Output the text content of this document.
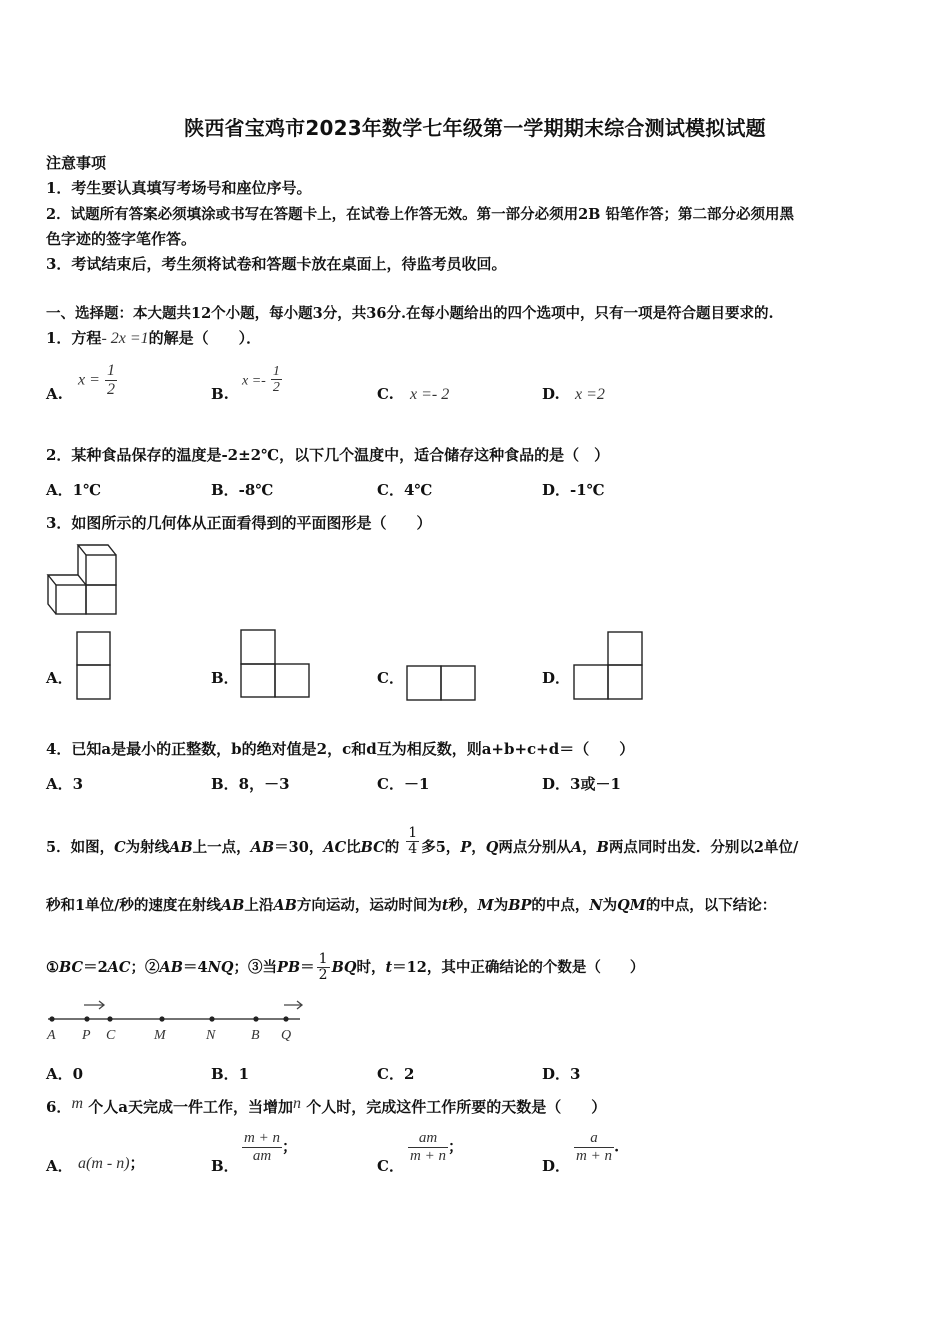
陕西省宝鸡市2023年数学七年级第一学期期末综合测试模拟试题
注意事项
1．考生要认真填写考场号和座位序号。
2．试题所有答案必须填涂或书写在答题卡上，在试卷上作答无效。第一部分必须用2B 铅笔作答；第二部分必须用黑
色字迹的签字笔作答。
3．考试结束后，考生须将试卷和答题卡放在桌面上，待监考员收回。
一、选择题：本大题共12个小题，每小题3分，共36分.在每小题给出的四个选项中，只有一项是符合题目要求的.
1．方程- 2x =1的解是（　　）．
A.
$x = \frac{1}{2}$	B.
$x =- \frac{1}{2}$	C. x =- 2	D. x =2
2．某种食品保存的温度是-2±2℃，以下几个温度中，适合储存这种食品的是（　）
A．1℃	B．-8℃	C．4℃	D．-1℃
3．如图所示的几何体从正面看得到的平面图形是（　　）
A．	B．	C．	D．
4．已知a是最小的正整数，b的绝对值是2，c和d互为相反数，则a+b+c+d＝（　　）
A．3	B．8，－3	C．－1	D．3或－1
5．如图，C为射线AB上一点，AB＝30，AC比BC的 $\frac{1}{4}$ 多5，P，Q两点分别从A，B两点同时出发．分别以2单位/
秒和1单位/秒的速度在射线AB上沿AB方向运动，运动时间为t秒，M为BP的中点，N为QM的中点，以下结论：
①BC＝2AC；②AB＝4NQ；③当$PB= \frac{1}{2}$ BQ时，t＝12，其中正确结论的个数是（　　）
A P C	M	N	B Q
A．0	B．1	C．2	D．3
6．m 个人a天完成一件工作，当增加n 个人时，完成这件工作所要的天数是（　　）
A． a(m - n)；	B．
$\frac{m + n}{am}$ ；
C．
$\frac{am}{m + n}$ ；
D．
$\frac{a}{m + n}$ .
